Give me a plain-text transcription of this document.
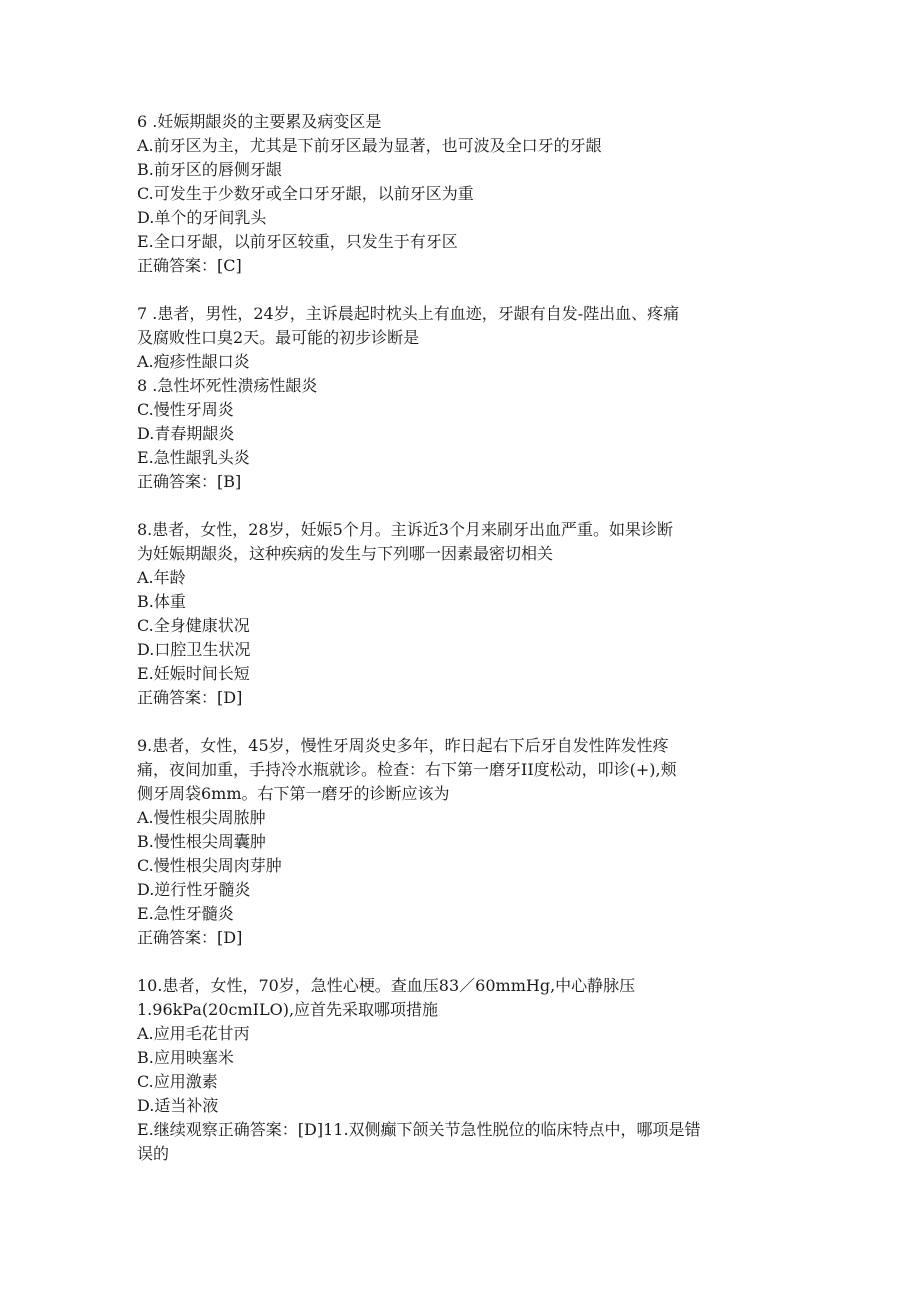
6 .妊娠期龈炎的主要累及病变区是
A.前牙区为主，尤其是下前牙区最为显著，也可波及全口牙的牙龈
B.前牙区的唇侧牙龈
C.可发生于少数牙或全口牙牙龈，以前牙区为重
D.单个的牙间乳头
E.全口牙龈，以前牙区较重，只发生于有牙区
正确答案：[C]
7 .患者，男性，24岁，主诉晨起时枕头上有血迹，牙龈有自发-陛出血、疼痛
及腐败性口臭2天。最可能的初步诊断是
A.疱疹性龈口炎
8 .急性坏死性溃疡性龈炎
C.慢性牙周炎
D.青春期龈炎
E.急性龈乳头炎
正确答案：[B]
8.患者，女性，28岁，妊娠5个月。主诉近3个月来刷牙出血严重。如果诊断
为妊娠期龈炎，这种疾病的发生与下列哪一因素最密切相关
A.年龄
B.体重
C.全身健康状况
D.口腔卫生状况
E.妊娠时间长短
正确答案：[D]
9.患者，女性，45岁，慢性牙周炎史多年，昨日起右下后牙自发性阵发性疼
痛，夜间加重，手持冷水瓶就诊。检查：右下第一磨牙II度松动，叩诊(+),颊
侧牙周袋6mm。右下第一磨牙的诊断应该为
A.慢性根尖周脓肿
B.慢性根尖周囊肿
C.慢性根尖周肉芽肿
D.逆行性牙髓炎
E.急性牙髓炎
正确答案：[D]
10.患者，女性，70岁，急性心梗。查血压83／60mmHg,中心静脉压
1.96kPa(20cmILO),应首先采取哪项措施
A.应用毛花甘丙
B.应用映塞米
C.应用激素
D.适当补液
E.继续观察正确答案：[D]11.双侧癫下颌关节急性脱位的临床特点中，哪项是错
误的
